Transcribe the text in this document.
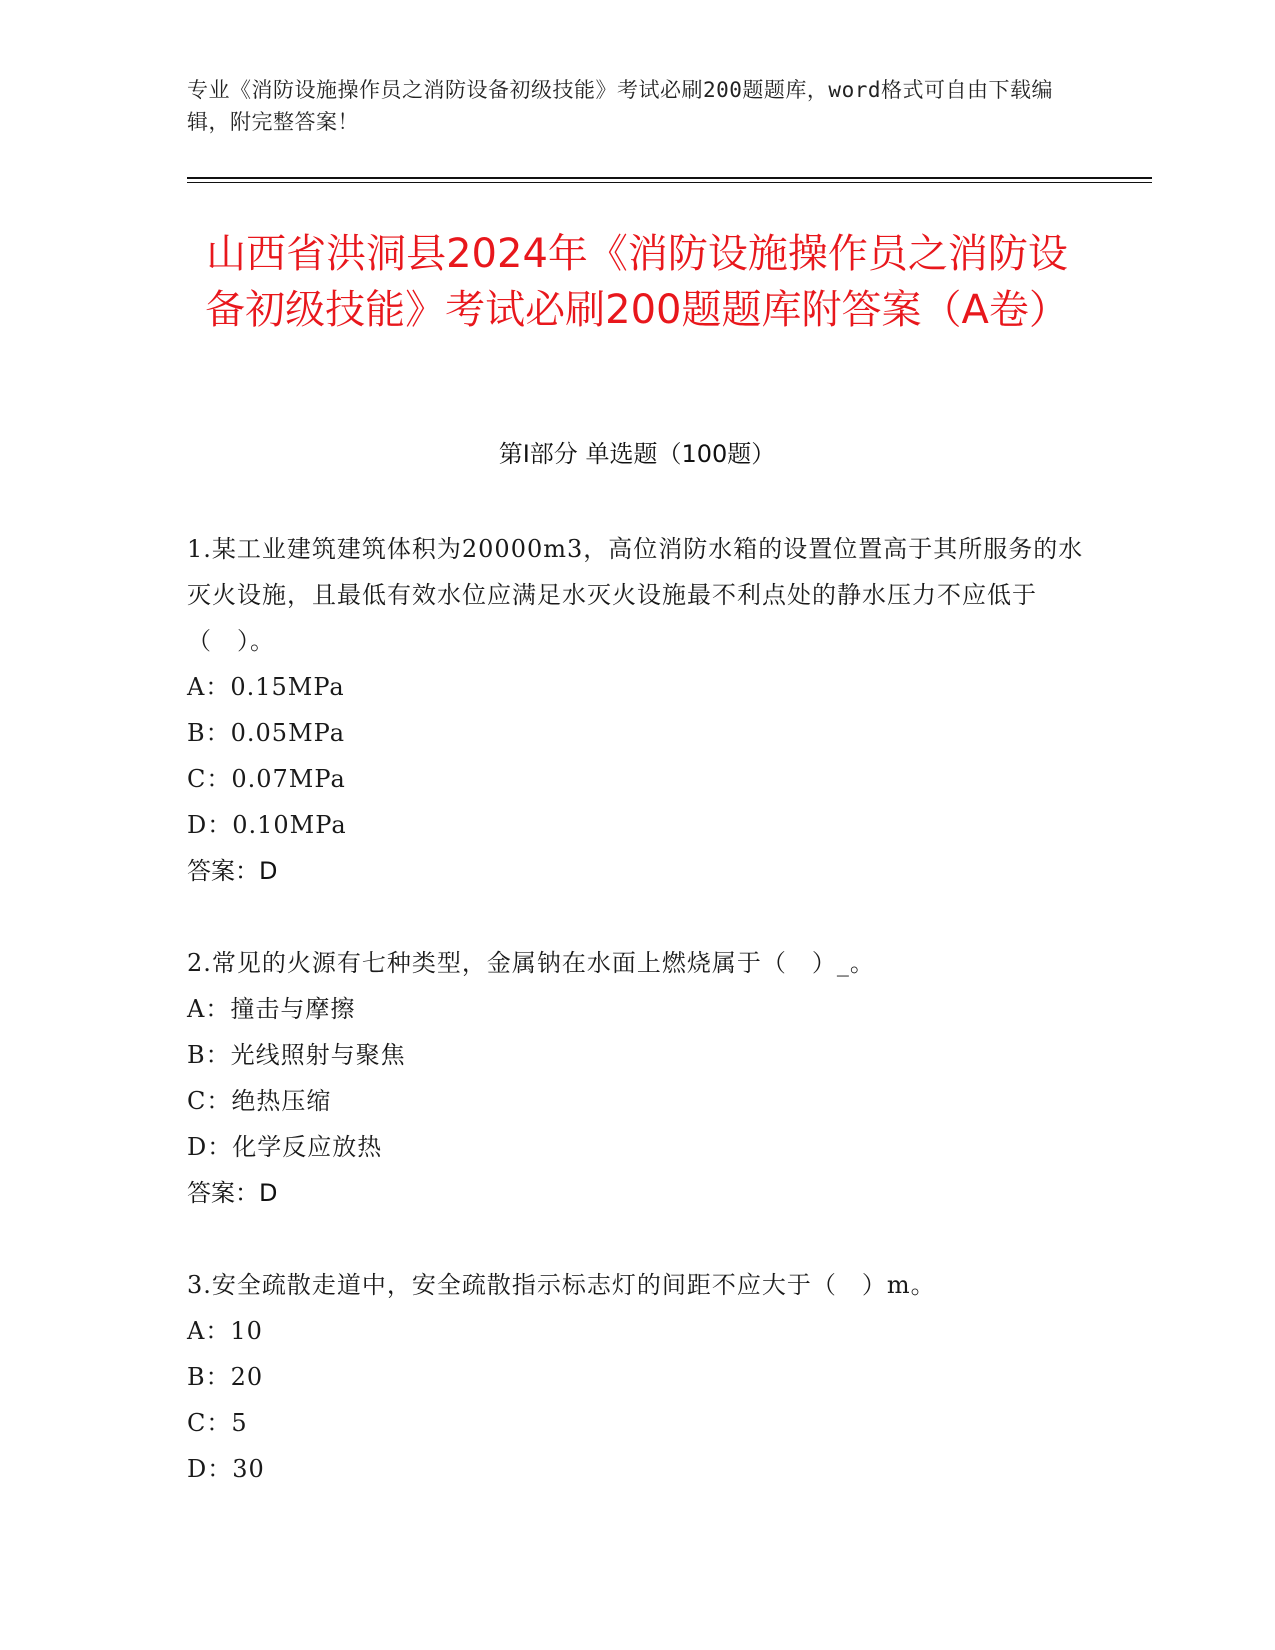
专业《消防设施操作员之消防设备初级技能》考试必刷200题题库，word格式可自由下载编辑，附完整答案！
山西省洪洞县2024年《消防设施操作员之消防设备初级技能》考试必刷200题题库附答案（A卷）
第I部分 单选题（100题）
1.某工业建筑建筑体积为20000m3，高位消防水箱的设置位置高于其所服务的水灭火设施，且最低有效水位应满足水灭火设施最不利点处的静水压力不应低于（　）。
A：0.15MPa
B：0.05MPa
C：0.07MPa
D：0.10MPa
答案：D
2.常见的火源有七种类型，金属钠在水面上燃烧属于（　）_。
A：撞击与摩擦
B：光线照射与聚焦
C：绝热压缩
D：化学反应放热
答案：D
3.安全疏散走道中，安全疏散指示标志灯的间距不应大于（　）m。
A：10
B：20
C：5
D：30
